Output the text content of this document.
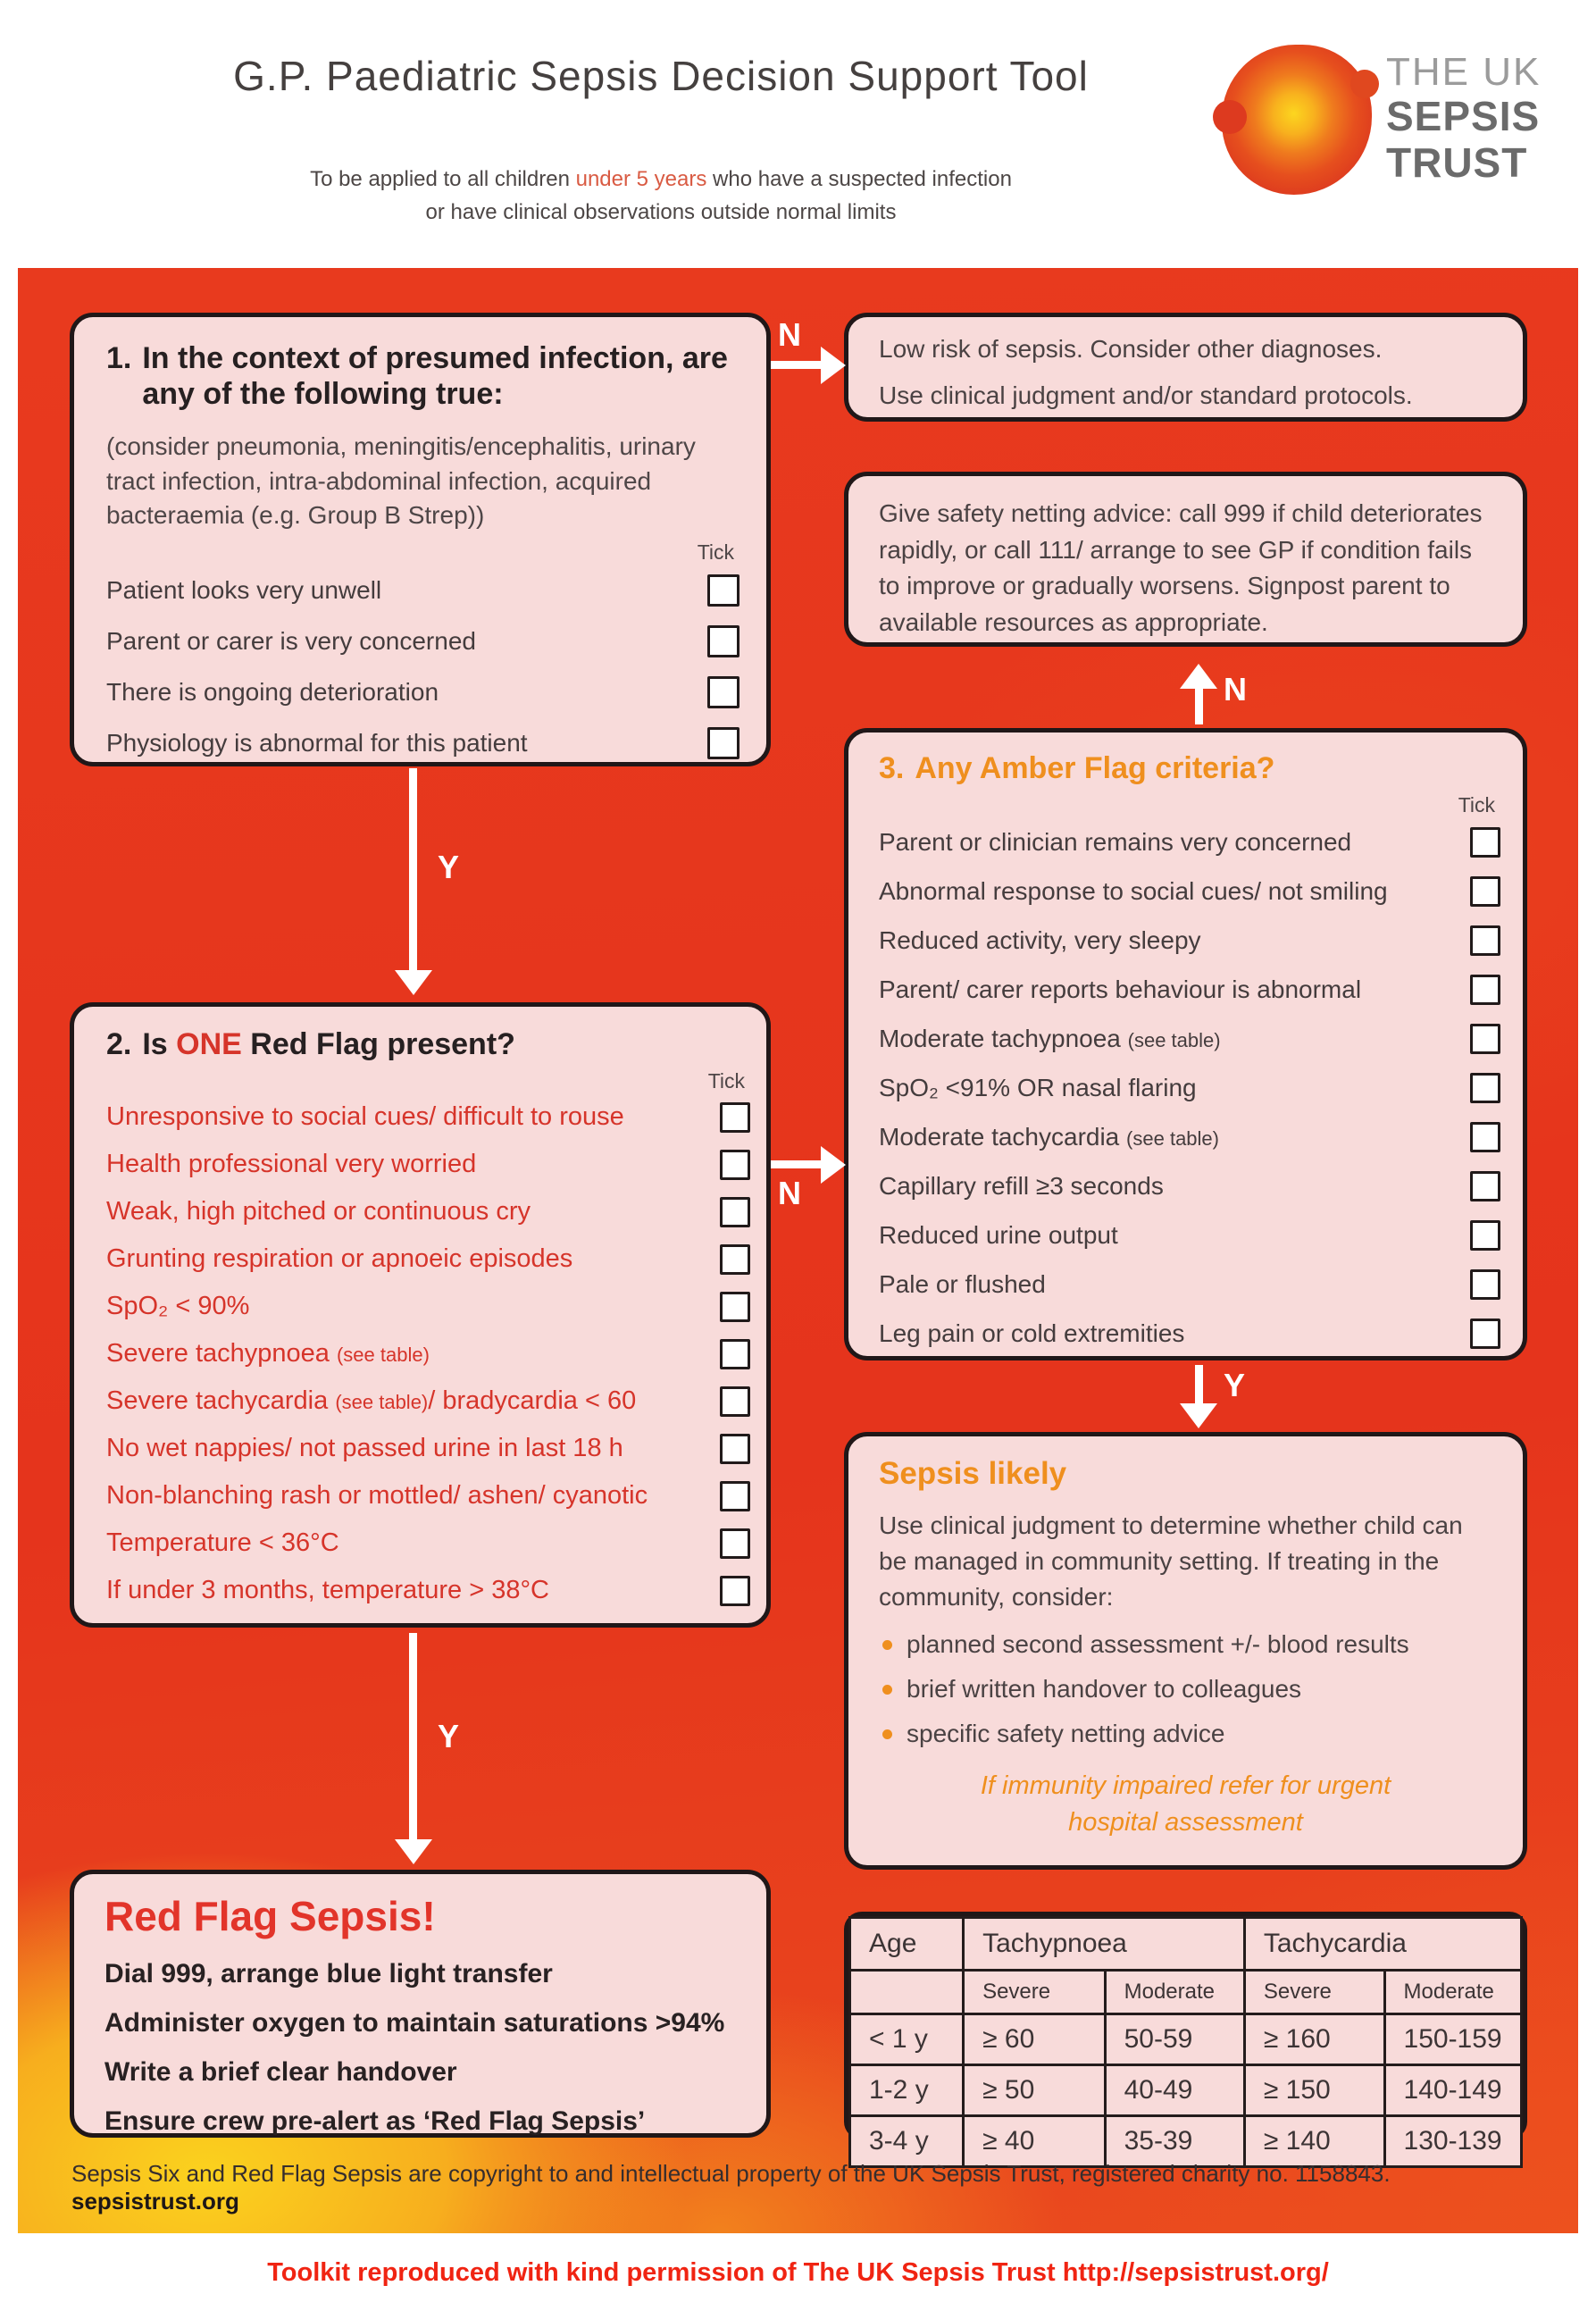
G.P. Paediatric Sepsis Decision Support Tool
To be applied to all children under 5 years who have a suspected infection
or have clinical observations outside normal limits
THE UK
SEPSIS
TRUST
1. In the context of presumed infection, are any of the following true:
(consider pneumonia, meningitis/encephalitis, urinary tract infection, intra-abdominal infection, acquired bacteraemia (e.g. Group B Strep))
Tick
Patient looks very unwell
Parent or carer is very concerned
There is ongoing deterioration
Physiology is abnormal for this patient

Low risk of sepsis. Consider other diagnoses.

Use clinical judgment and/or standard protocols.

Give safety netting advice: call 999 if child deteriorates rapidly, or call 111/ arrange to see GP if condition fails to improve or gradually worsens. Signpost parent to available resources as appropriate.
3. Any Amber Flag criteria?
Tick
Parent or clinician remains very concerned
Abnormal response to social cues/ not smiling
Reduced activity, very sleepy
Parent/ carer reports behaviour is abnormal
Moderate tachypnoea (see table)
SpO₂ <91% OR nasal flaring
Moderate tachycardia (see table)
Capillary refill ≥3 seconds
Reduced urine output
Pale or flushed
Leg pain or cold extremities
2. Is ONE Red Flag present?
Tick
Unresponsive to social cues/ difficult to rouse
Health professional very worried
Weak, high pitched or continuous cry
Grunting respiration or apnoeic episodes
SpO₂ < 90%
Severe tachypnoea (see table)
Severe tachycardia (see table)/ bradycardia < 60
No wet nappies/ not passed urine in last 18 h
Non-blanching rash or mottled/ ashen/ cyanotic
Temperature < 36°C
If under 3 months, temperature > 38°C
Sepsis likely
Use clinical judgment to determine whether child can be managed in community setting. If treating in the community, consider:
planned second assessment +/- blood results
brief written handover to colleagues
specific safety netting advice
If immunity impaired refer for urgent hospital assessment
Red Flag Sepsis!
Dial 999, arrange blue light transfer
Administer oxygen to maintain saturations >94%
Write a brief clear handover
Ensure crew pre-alert as ‘Red Flag Sepsis’
Age	Tachypnoea		Tachycardia	
	Severe	Moderate	Severe	Moderate
< 1 y	≥ 60	50-59	≥ 160	150-159
1-2 y	≥ 50	40-49	≥ 150	140-149
3-4 y	≥ 40	35-39	≥ 140	130-139
N
Y
N
N
Y
Y
Sepsis Six and Red Flag Sepsis are copyright to and intellectual property of the UK Sepsis Trust, registered charity no. 1158843. sepsistrust.org
Toolkit reproduced with kind permission of The UK Sepsis Trust http://sepsistrust.org/
